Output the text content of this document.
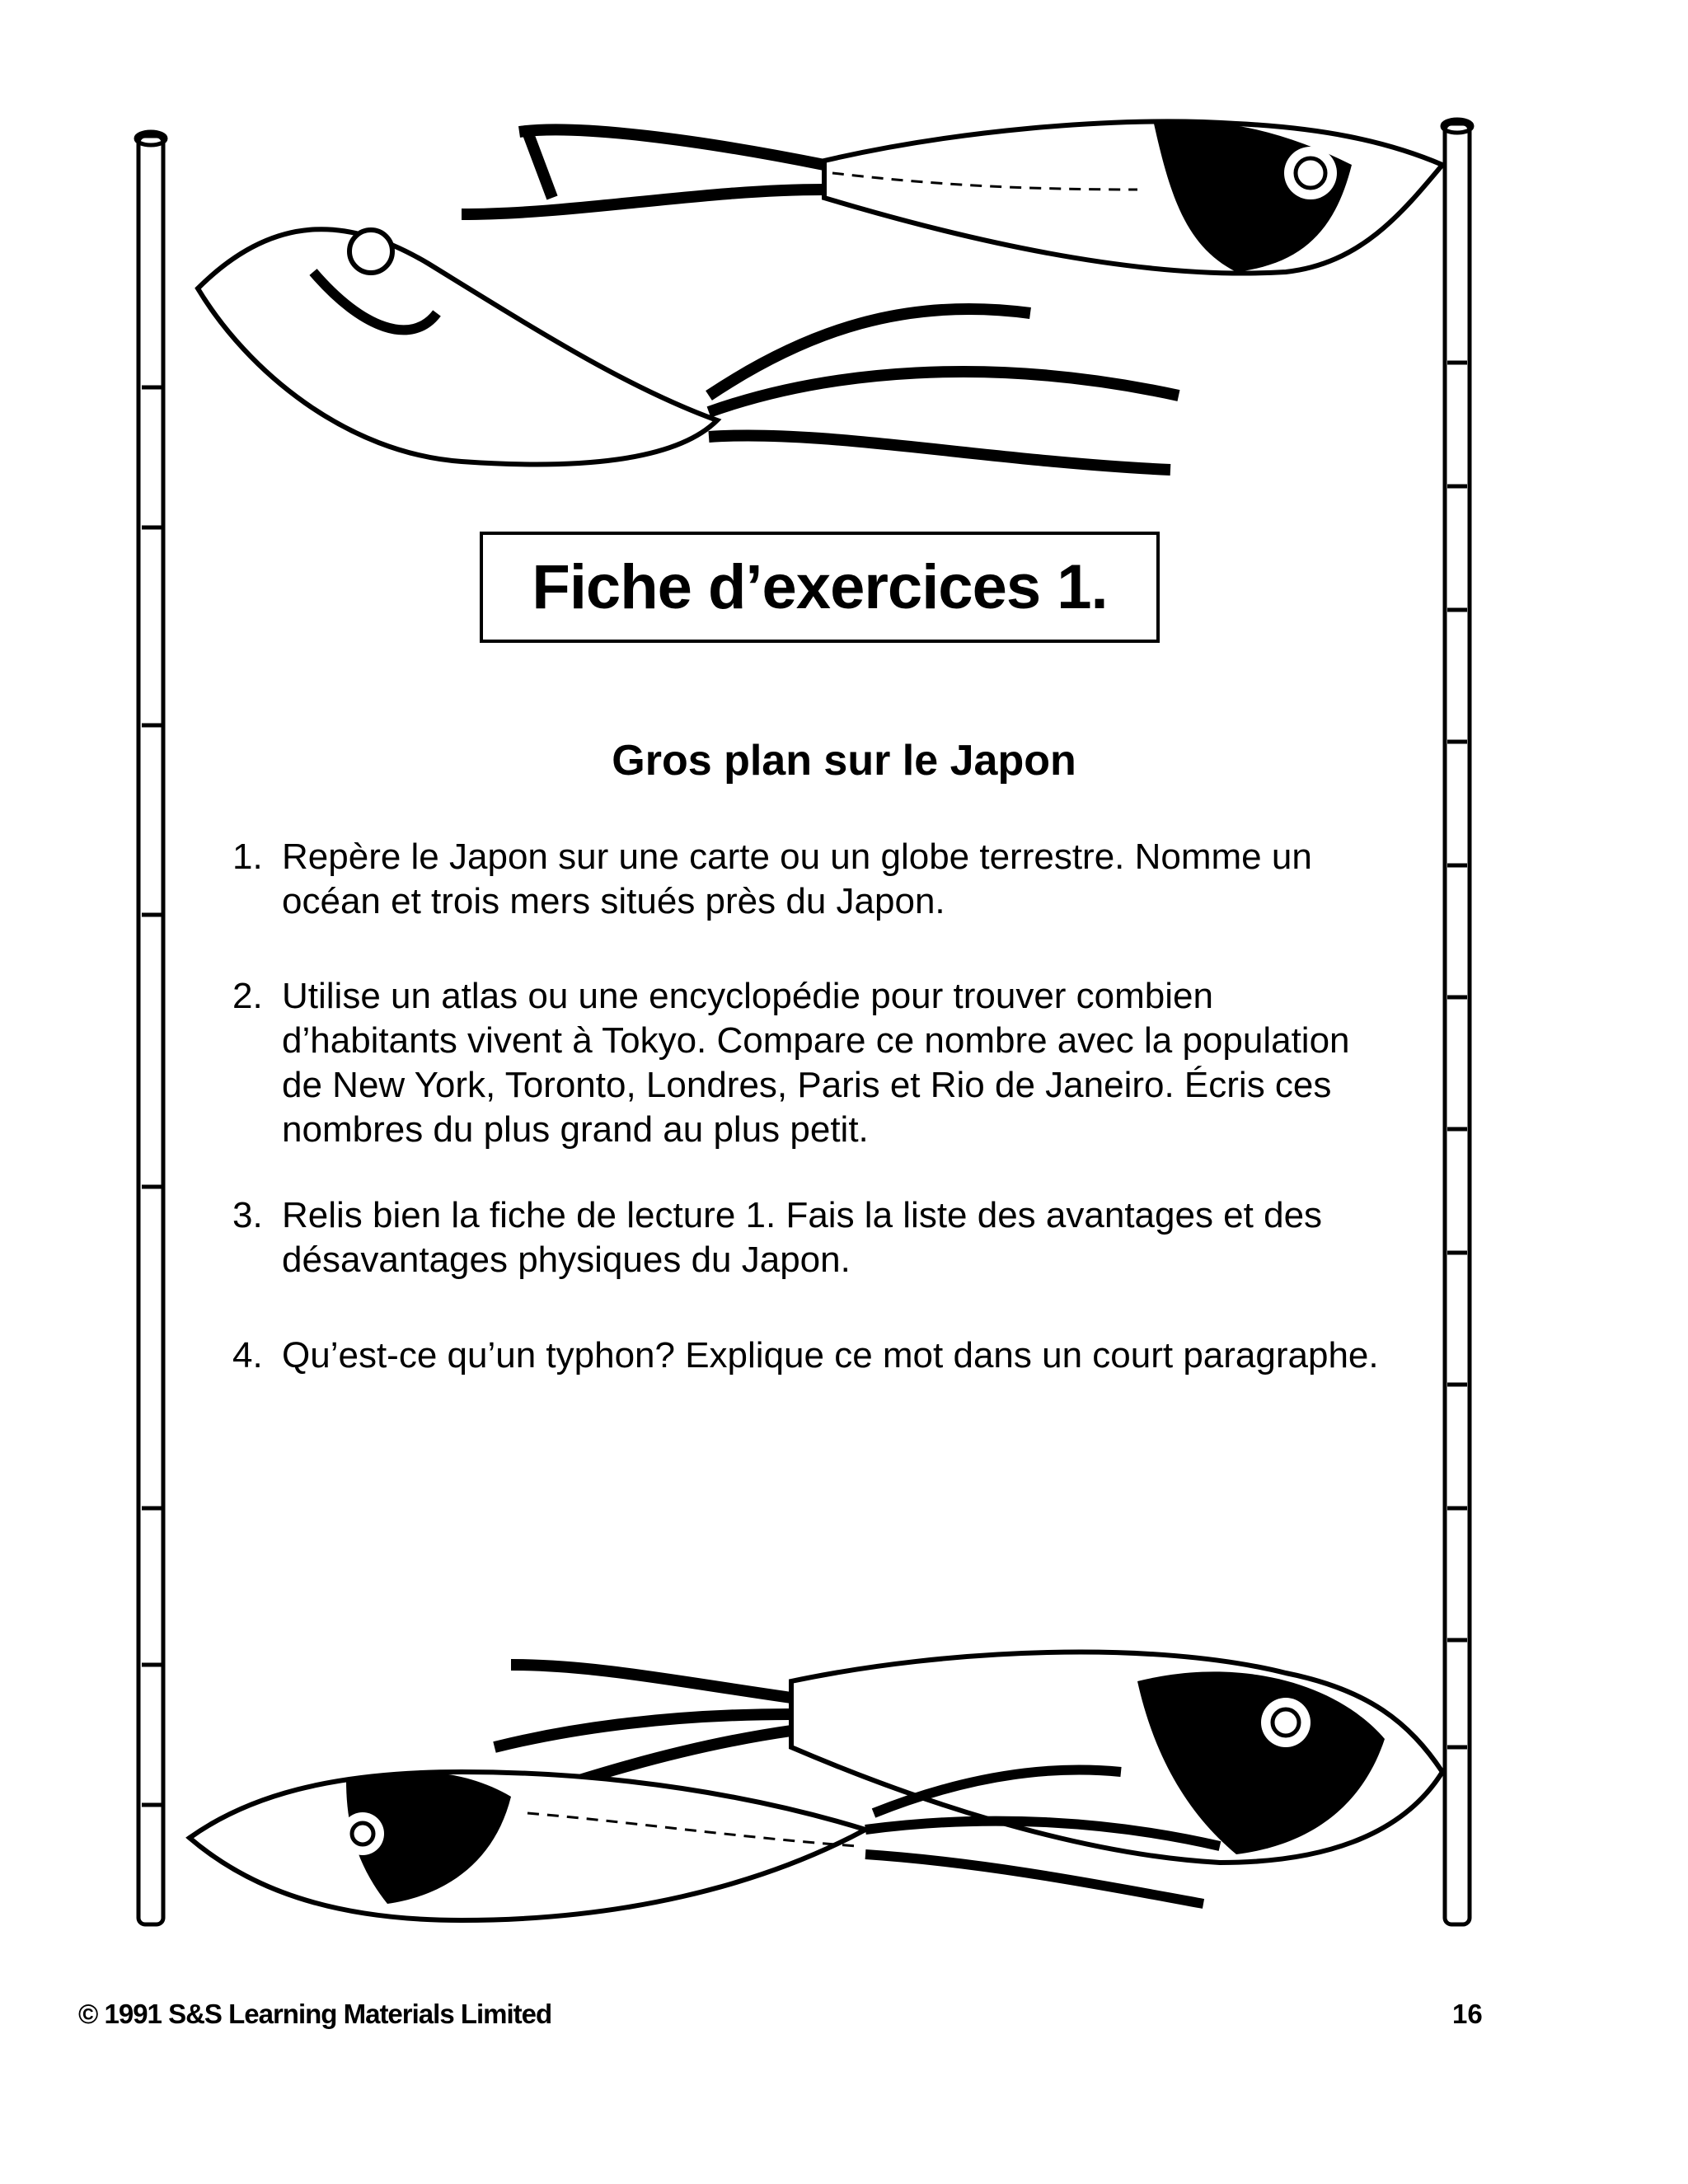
Fiche d’exercices 1.
Gros plan sur le Japon
1. Repère le Japon sur une carte ou un globe terrestre. Nomme un océan et trois mers situés près du Japon.
2. Utilise un atlas ou une encyclopédie pour trouver combien d’habitants vivent à Tokyo. Compare ce nombre avec la population de New York, Toronto, Londres, Paris et Rio de Janeiro. Écris ces nombres du plus grand au plus petit.
3. Relis bien la fiche de lecture 1. Fais la liste des avantages et des désavantages physiques du Japon.
4. Qu’est-ce qu’un typhon? Explique ce mot dans un court paragraphe.
© 1991 S&S Learning Materials Limited	16
